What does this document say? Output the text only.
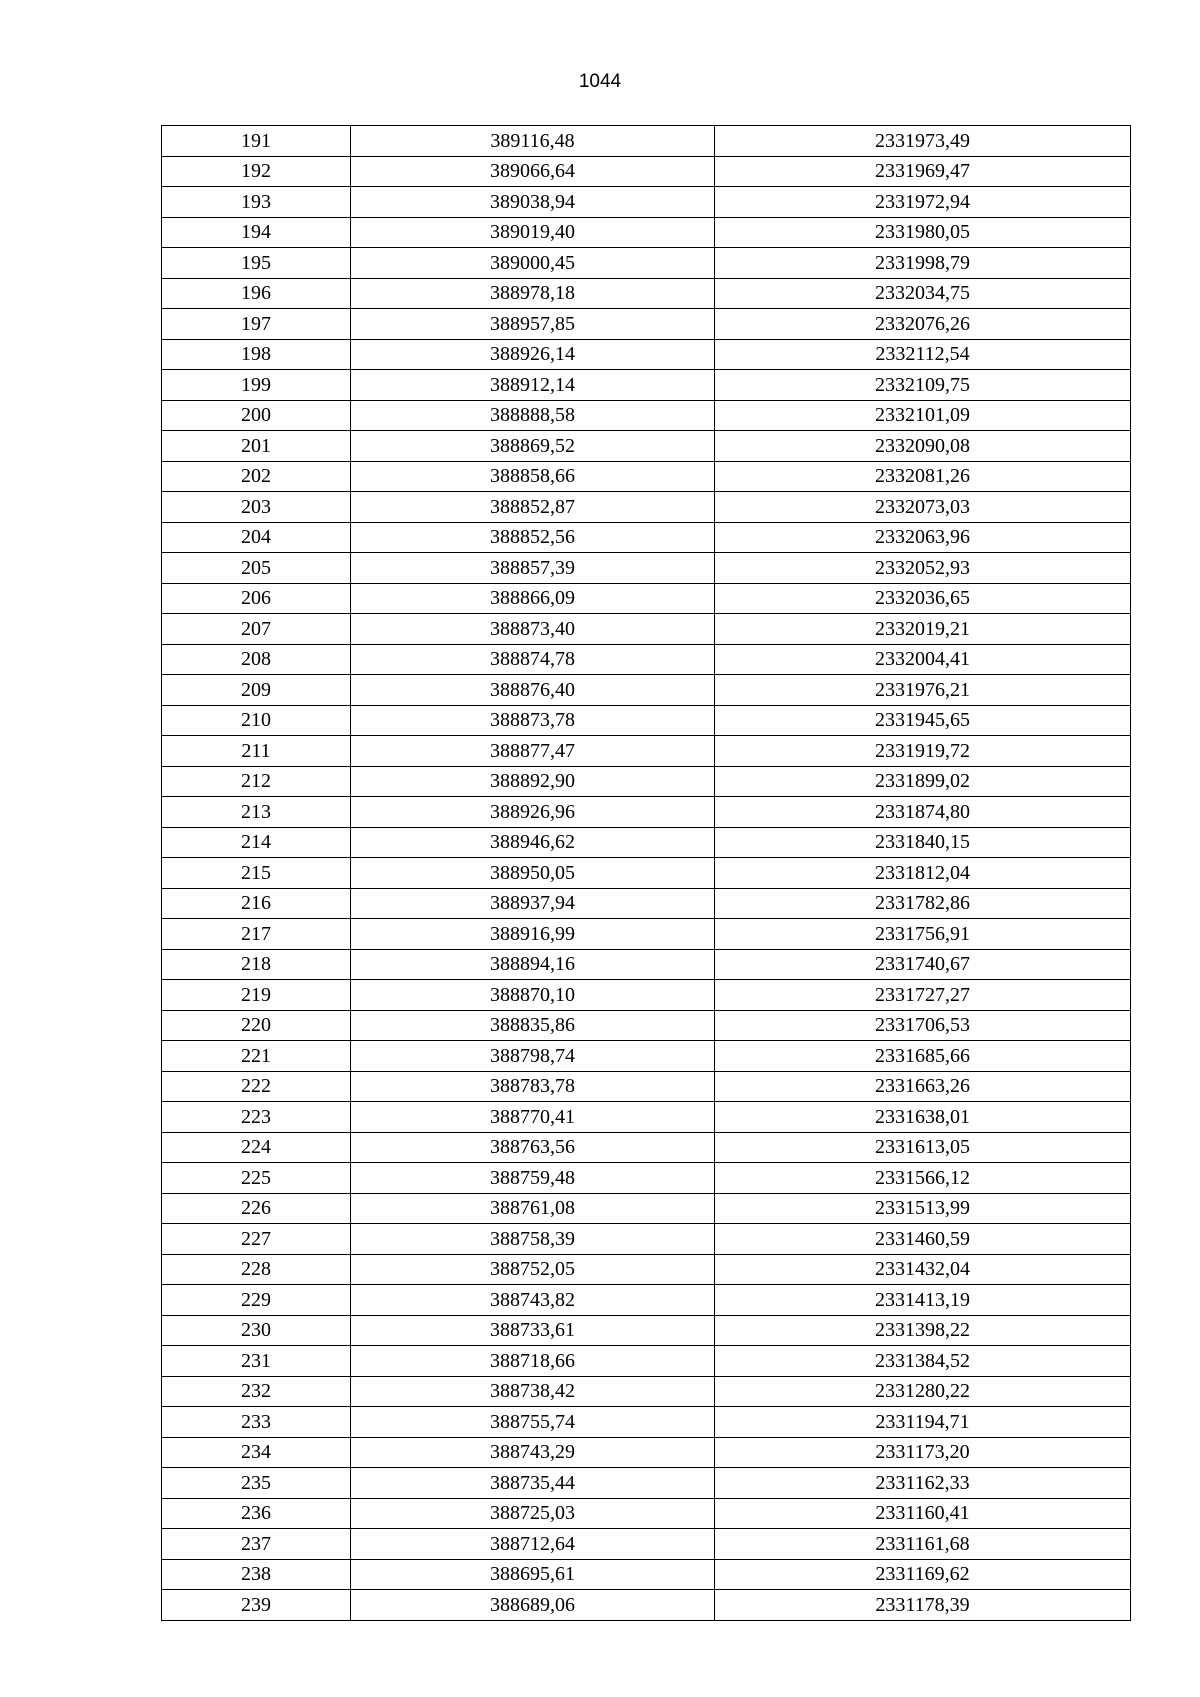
1044
191	389116,48	2331973,49
192	389066,64	2331969,47
193	389038,94	2331972,94
194	389019,40	2331980,05
195	389000,45	2331998,79
196	388978,18	2332034,75
197	388957,85	2332076,26
198	388926,14	2332112,54
199	388912,14	2332109,75
200	388888,58	2332101,09
201	388869,52	2332090,08
202	388858,66	2332081,26
203	388852,87	2332073,03
204	388852,56	2332063,96
205	388857,39	2332052,93
206	388866,09	2332036,65
207	388873,40	2332019,21
208	388874,78	2332004,41
209	388876,40	2331976,21
210	388873,78	2331945,65
211	388877,47	2331919,72
212	388892,90	2331899,02
213	388926,96	2331874,80
214	388946,62	2331840,15
215	388950,05	2331812,04
216	388937,94	2331782,86
217	388916,99	2331756,91
218	388894,16	2331740,67
219	388870,10	2331727,27
220	388835,86	2331706,53
221	388798,74	2331685,66
222	388783,78	2331663,26
223	388770,41	2331638,01
224	388763,56	2331613,05
225	388759,48	2331566,12
226	388761,08	2331513,99
227	388758,39	2331460,59
228	388752,05	2331432,04
229	388743,82	2331413,19
230	388733,61	2331398,22
231	388718,66	2331384,52
232	388738,42	2331280,22
233	388755,74	2331194,71
234	388743,29	2331173,20
235	388735,44	2331162,33
236	388725,03	2331160,41
237	388712,64	2331161,68
238	388695,61	2331169,62
239	388689,06	2331178,39
